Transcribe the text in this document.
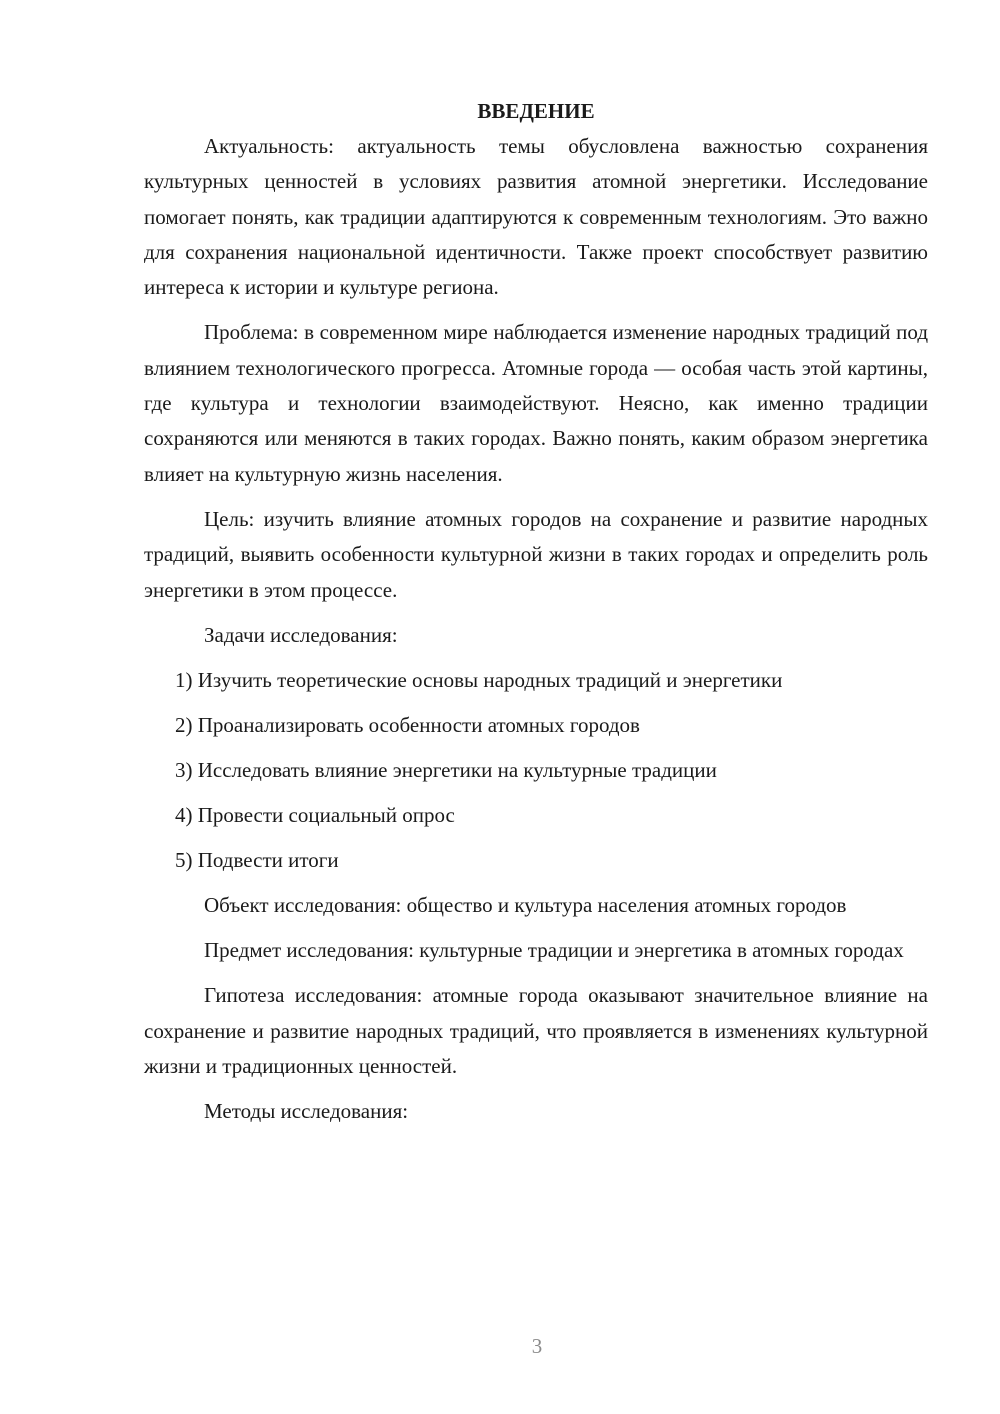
ВВЕДЕНИЕ

Актуальность: актуальность темы обусловлена важностью сохранения культурных ценностей в условиях развития атомной энергетики. Исследование помогает понять, как традиции адаптируются к современным технологиям. Это важно для сохранения национальной идентичности. Также проект способствует развитию интереса к истории и культуре региона.

Проблема: в современном мире наблюдается изменение народных традиций под влиянием технологического прогресса. Атомные города — особая часть этой картины, где культура и технологии взаимодействуют. Неясно, как именно традиции сохраняются или меняются в таких городах. Важно понять, каким образом энергетика влияет на культурную жизнь населения.

Цель: изучить влияние атомных городов на сохранение и развитие народных традиций, выявить особенности культурной жизни в таких городах и определить роль энергетики в этом процессе.

Задачи исследования:

1) Изучить теоретические основы народных традиций и энергетики

2) Проанализировать особенности атомных городов

3) Исследовать влияние энергетики на культурные традиции

4) Провести социальный опрос

5) Подвести итоги

Объект исследования: общество и культура населения атомных городов

Предмет исследования: культурные традиции и энергетика в атомных городах

Гипотеза исследования: атомные города оказывают значительное влияние на сохранение и развитие народных традиций, что проявляется в изменениях культурной жизни и традиционных ценностей.

Методы исследования:

3
